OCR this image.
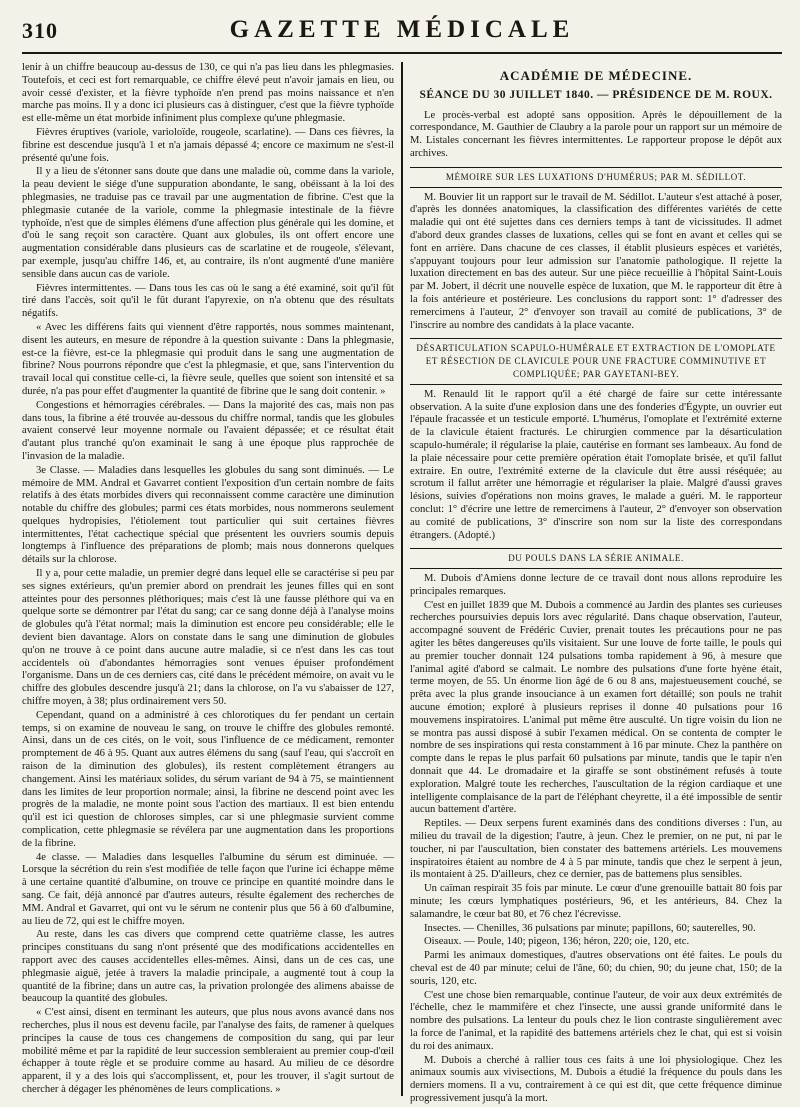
310	GAZETTE MÉDICALE

lenir à un chiffre beaucoup au-dessus de 130, ce qui n'a pas lieu dans les phlegmasies. Toutefois, et ceci est fort remarquable, ce chiffre élevé peut n'avoir jamais en lieu, ou avoir cessé d'exister, et la fièvre typhoïde n'en prend pas moins naissance et n'en marche pas moins. Il y a donc ici plusieurs cas à distinguer, c'est que la fièvre typhoïde est elle-même un état morbide infiniment plus complexe qu'une phlegmasie.

Fièvres éruptives (variole, varioloïde, rougeole, scarlatine). — Dans ces fièvres, la fibrine est descendue jusqu'à 1 et n'a jamais dépassé 4; encore ce maximum ne s'est-il présenté qu'une fois.

Il y a lieu de s'étonner sans doute que dans une maladie où, comme dans la variole, la peau devient le siége d'une suppuration abondante, le sang, obéissant à la loi des phlegmasies, ne traduise pas ce travail par une augmentation de fibrine. C'est que la phlegmasie cutanée de la variole, comme la phlegmasie intestinale de la fièvre typhoïde, n'est que de simples élémens d'une affection plus générale qui les domine, et d'où le sang reçoit son caractère. Quant aux globules, ils ont offert encore une augmentation considérable dans plusieurs cas de scarlatine et de rougeole, s'élevant, par exemple, jusqu'au chiffre 146, et, au contraire, ils n'ont augmenté d'une manière sensible dans aucun cas de variole.

Fièvres intermittentes. — Dans tous les cas où le sang a été examiné, soit qu'il fût tiré dans l'accès, soit qu'il le fût durant l'apyrexie, on n'a obtenu que des résultats négatifs.

« Avec les différens faits qui viennent d'être rapportés, nous sommes maintenant, disent les auteurs, en mesure de répondre à la question suivante : Dans la phlegmasie, est-ce la fièvre, est-ce la phlegmasie qui produit dans le sang une augmentation de fibrine? Nous pourrons répondre que c'est la phlegmasie, et que, sans l'intervention du travail local qui constitue celle-ci, la fièvre seule, quelles que soient son intensité et sa durée, n'a pas pour effet d'augmenter la quantité de fibrine que le sang doit contenir. »

Congestions et hémorragies cérébrales. — Dans la majorité des cas, mais non pas dans tous, la fibrine a été trouvée au-dessous du chiffre normal, tandis que les globules avaient conservé leur moyenne normale ou l'avaient dépassée; et ce résultat était d'autant plus tranché qu'on examinait le sang à une époque plus rapprochée de l'invasion de la maladie.

3e Classe. — Maladies dans lesquelles les globules du sang sont diminués. — Le mémoire de MM. Andral et Gavarret contient l'exposition d'un certain nombre de faits relatifs à des états morbides divers qui reconnaissent comme caractère une diminution notable du chiffre des globules; parmi ces états morbides, nous nommerons seulement quelques hydropisies, l'étiolement tout particulier qui suit certaines fièvres intermittentes, l'état cachectique spécial que présentent les ouvriers soumis depuis longtemps à l'influence des préparations de plomb; mais nous donnerons quelques détails sur la chlorose.

Il y a, pour cette maladie, un premier degré dans lequel elle se caractérise si peu par ses signes extérieurs, qu'un premier abord on prendrait les jeunes filles qui en sont atteintes pour des personnes pléthoriques; mais c'est là une fausse pléthore qui va en quelque sorte se démontrer par l'état du sang; car ce sang donne déjà à l'analyse moins de globules qu'à l'état normal; mais la diminution est encore peu considérable; elle le devient bien davantage. Alors on constate dans le sang une diminution de globules qu'on ne trouve à ce point dans aucune autre maladie, si ce n'est dans les cas tout accidentels où d'abondantes hémorragies sont venues épuiser profondément l'organisme. Dans un de ces derniers cas, cité dans le précédent mémoire, on avait vu le chiffre des globules descendre jusqu'à 21; dans la chlorose, on l'a vu s'abaisser de 127, chiffre moyen, à 38; plus ordinairement vers 50.

Cependant, quand on a administré à ces chlorotiques du fer pendant un certain temps, si on examine de nouveau le sang, on trouve le chiffre des globules remonté. Ainsi, dans un de ces cités, on le voit, sous l'influence de ce médicament, remonter promptement de 46 à 95. Quant aux autres élémens du sang (sauf l'eau, qui s'accroît en raison de la diminution des globules), ils restent complètement étrangers au changement. Ainsi les matériaux solides, du sérum variant de 94 à 75, se maintiennent dans les limites de leur proportion normale; ainsi, la fibrine ne descend point avec les progrès de la maladie, ne monte point sous l'action des martiaux. Il est bien entendu qu'il est ici question de chloroses simples, car si une phlegmasie survient comme complication, cette phlegmasie se révélera par une augmentation dans les proportions de la fibrine.

4e classe. — Maladies dans lesquelles l'albumine du sérum est diminuée. — Lorsque la sécrétion du rein s'est modifiée de telle façon que l'urine ici échappe même à une certaine quantité d'albumine, on trouve ce principe en quantité moindre dans le sang. Ce fait, déjà annoncé par d'autres auteurs, résulte également des recherches de MM. Andral et Gavarret, qui ont vu le sérum ne contenir plus que 56 à 60 d'albumine, au lieu de 72, qui est le chiffre moyen.

Au reste, dans les cas divers que comprend cette quatrième classe, les autres principes constituans du sang n'ont présenté que des modifications accidentelles en rapport avec des causes accidentelles elles-mêmes. Ainsi, dans un de ces cas, une phlegmasie aiguë, jetée à travers la maladie principale, a augmenté tout à coup la quantité de la fibrine; dans un autre cas, la privation prolongée des alimens abaisse de beaucoup la quantité des globules.

« C'est ainsi, disent en terminant les auteurs, que plus nous avons avancé dans nos recherches, plus il nous est devenu facile, par l'analyse des faits, de ramener à quelques principes la cause de tous ces changemens de composition du sang, qui par leur mobilité même et par la rapidité de leur succession sembleraient au premier coup-d'œil échapper à toute règle et se produire comme au hasard. Au milieu de ce désordre apparent, il y a des lois qui s'accomplissent, et, pour les trouver, il s'agit surtout de chercher à dégager les phénomènes de leurs complications. »

ACADÉMIE DE MÉDECINE.
SÉANCE DU 30 JUILLET 1840. — PRÉSIDENCE DE M. ROUX.

Le procès-verbal est adopté sans opposition. Après le dépouillement de la correspondance, M. Gauthier de Claubry a la parole pour un rapport sur un mémoire de M. Listales concernant les fièvres intermittentes. Le rapporteur propose le dépôt aux archives.

MÉMOIRE SUR LES LUXATIONS D'HUMÉRUS; PAR M. SÉDILLOT.

M. Bouvier lit un rapport sur le travail de M. Sédillot. L'auteur s'est attaché à poser, d'après les données anatomiques, la classification des différentes variétés de cette maladie qui ont été sujettes dans ces derniers temps à tant de vicissitudes. Il admet d'abord deux grandes classes de luxations, celles qui se font en avant et celles qui se font en arrière. Dans chacune de ces classes, il établit plusieurs espèces et variétés, s'appuyant toujours pour leur admission sur l'anatomie pathologique. Il rejette la luxation directement en bas des auteur. Sur une pièce recueillie à l'hôpital Saint-Louis par M. Jobert, il décrit une nouvelle espèce de luxation, que M. le rapporteur dit être à la fois antérieure et postérieure. Les conclusions du rapport sont: 1° d'adresser des remercimens à l'auteur, 2° d'envoyer son travail au comité de publications, 3° de l'inscrire au nombre des candidats à la place vacante.

DÉSARTICULATION SCAPULO-HUMÉRALE ET EXTRACTION DE L'OMOPLATE ET RÉSECTION DE CLAVICULE POUR UNE FRACTURE COMMINUTIVE ET COMPLIQUÉE; PAR GAYETANI-BEY.

M. Renauld lit le rapport qu'il a été chargé de faire sur cette intéressante observation. A la suite d'une explosion dans une des fonderies d'Égypte, un ouvrier eut l'épaule fracassée et un testicule emporté. L'humérus, l'omoplate et l'extrémité externe de la clavicule étaient fracturés. Le chirurgien commence par la désarticulation scapulo-humérale; il régularise la plaie, cautérise en formant ses lambeaux. Au fond de la plaie nécessaire pour cette première opération était l'omoplate brisée, et qu'il fallut extraire. En outre, l'extrémité externe de la clavicule dut être aussi réséquée; au scrotum il fallut arrêter une hémorragie et régulariser la plaie. Malgré d'aussi graves lésions, suivies d'opérations non moins graves, le malade a guéri. M. le rapporteur conclut: 1° d'écrire une lettre de remercimens à l'auteur, 2° d'envoyer son observation au comité de publications, 3° d'inscrire son nom sur la liste des correspondans étrangers. (Adopté.)

DU POULS DANS LA SÉRIE ANIMALE.

M. Dubois d'Amiens donne lecture de ce travail dont nous allons reproduire les principales remarques.

C'est en juillet 1839 que M. Dubois a commencé au Jardin des plantes ses curieuses recherches poursuivies depuis lors avec régularité. Dans chaque observation, l'auteur, accompagné souvent de Frédéric Cuvier, prenait toutes les précautions pour ne pas agiter les bêtes dangereuses qu'ils visitaient. Sur une louve de forte taille, le pouls qui au premier toucher donnait 124 pulsations tomba rapidement à 96, à mesure que l'animal agité d'abord se calmait. Le nombre des pulsations d'une forte hyène était, terme moyen, de 55. Un énorme lion âgé de 6 ou 8 ans, majestueusement couché, se prêta avec la plus grande insouciance à un examen fort détaillé; son pouls ne trahit aucune émotion; exploré à plusieurs reprises il donne 40 pulsations pour 16 mouvemens inspiratoires. L'animal put même être ausculté. Un tigre voisin du lion ne se montra pas aussi disposé à subir l'examen médical. On se contenta de compter le nombre de ses inspirations qui resta constamment à 16 par minute. Chez la panthère on compte dans le repas le plus parfait 60 pulsations par minute, tandis que le tapir n'en donnait que 44. Le dromadaire et la giraffe se sont obstinément refusés à toute exploration. Malgré toute les recherches, l'auscultation de la région cardiaque et une intelligente complaisance de la part de l'éléphant cheyrette, il a été impossible de sentir aucun battement d'artère.

Reptiles. — Deux serpens furent examinés dans des conditions diverses : l'un, au milieu du travail de la digestion; l'autre, à jeun. Chez le premier, on ne put, ni par le toucher, ni par l'auscultation, bien constater des battemens artériels. Les mouvemens inspiratoires étaient au nombre de 4 à 5 par minute, tandis que chez le serpent à jeun, ils montaient à 25. D'ailleurs, chez ce dernier, pas de battemens plus sensibles.

Un caïman respirait 35 fois par minute. Le cœur d'une grenouille battait 80 fois par minute; les cœurs lymphatiques postérieurs, 96, et les antérieurs, 84. Chez la salamandre, le cœur bat 80, et 76 chez l'écrevisse.

Insectes. — Chenilles, 36 pulsations par minute; papillons, 60; sauterelles, 90.

Oiseaux. — Poule, 140; pigeon, 136; héron, 220; oie, 120, etc.

Parmi les animaux domestiques, d'autres observations ont été faites. Le pouls du cheval est de 40 par minute; celui de l'âne, 60; du chien, 90; du jeune chat, 150; de la souris, 120, etc.

C'est une chose bien remarquable, continue l'auteur, de voir aux deux extrémités de l'échelle, chez le mammifère et chez l'insecte, une aussi grande uniformité dans le nombre des pulsations. La lenteur du pouls chez le lion contraste singulièrement avec la force de l'animal, et la rapidité des battemens artériels chez le chat, qui est si voisin du roi des animaux.

M. Dubois a cherché à rallier tous ces faits à une loi physiologique. Chez les animaux soumis aux vivisections, M. Dubois a étudié la fréquence du pouls dans les derniers momens. Il a vu, contrairement à ce qui est dit, que cette fréquence diminue progressivement jusqu'à la mort.
